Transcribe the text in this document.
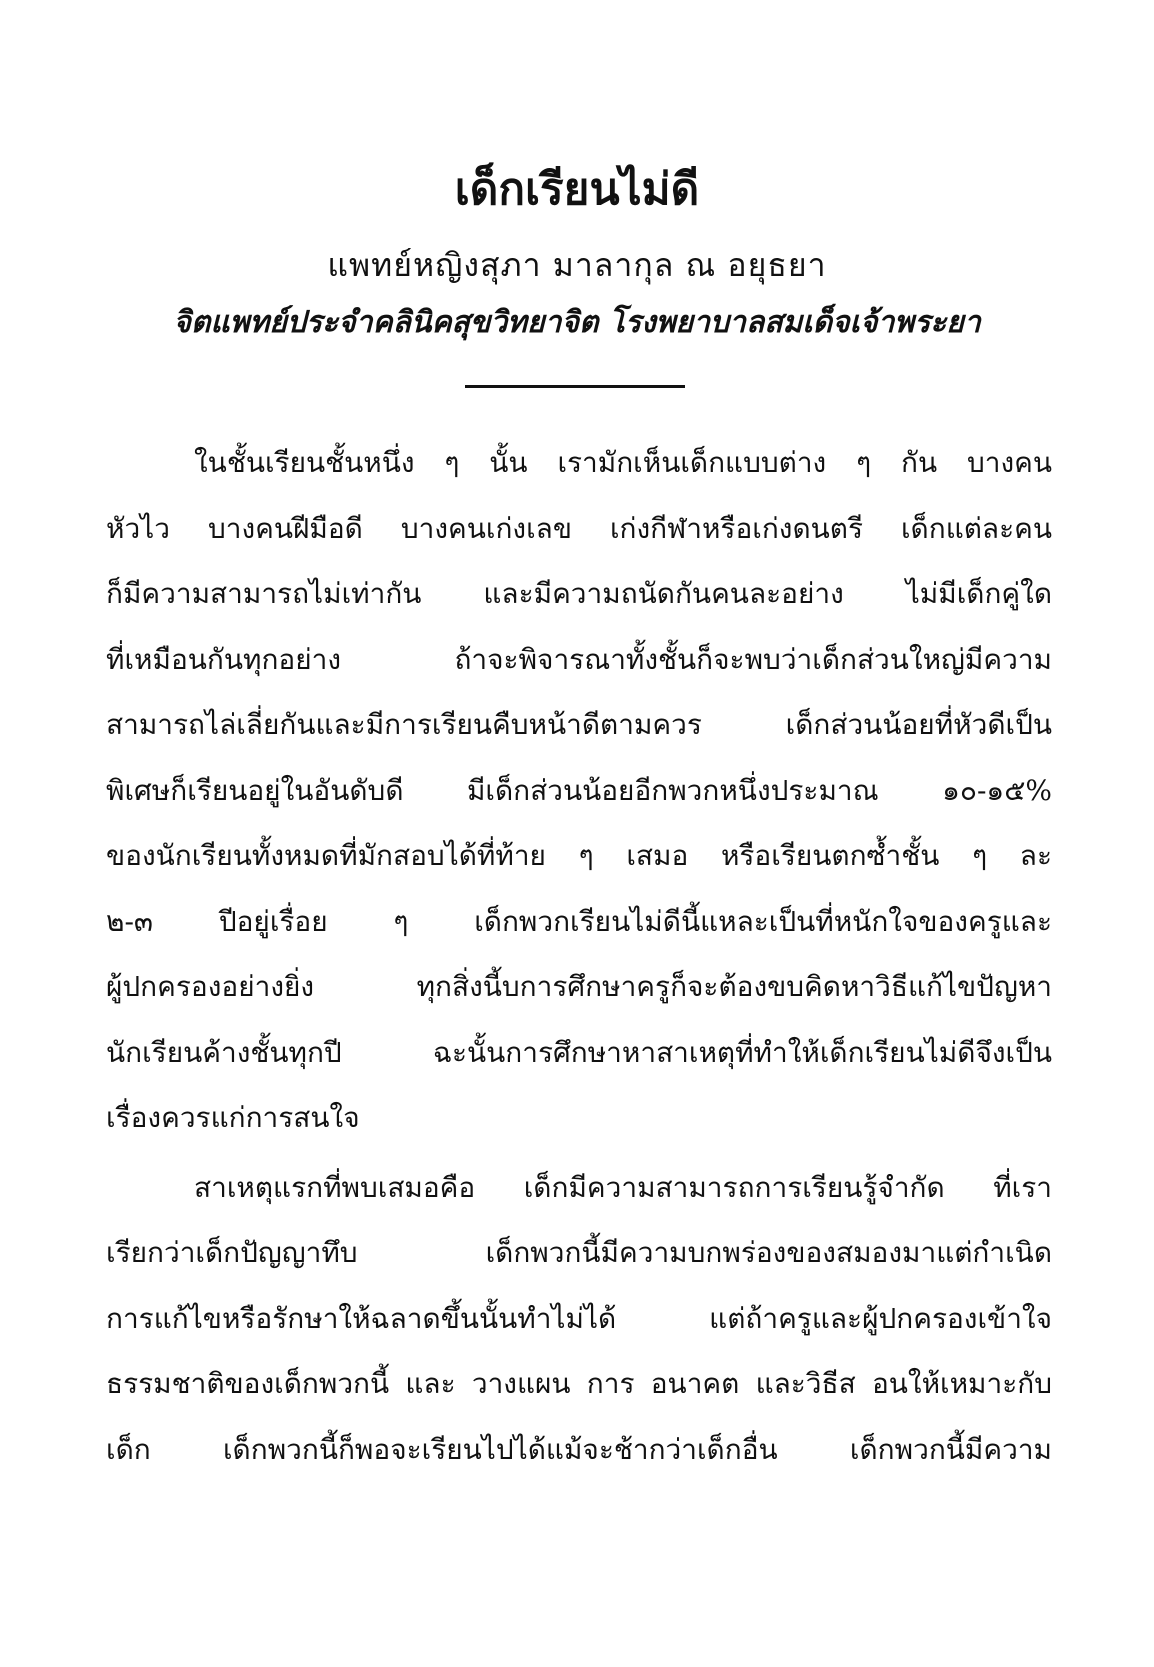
เด็กเรียนไม่ดี
แพทย์หญิงสุภา มาลากุล ณ อยุธยา
จิตแพทย์ประจำคลินิคสุขวิทยาจิต โรงพยาบาลสมเด็จเจ้าพระยา
ในชั้นเรียนชั้นหนึ่ง ๆ นั้น เรามักเห็นเด็กแบบต่าง ๆ กัน บางคน
หัวไว บางคนฝีมือดี บางคนเก่งเลข เก่งกีฬาหรือเก่งดนตรี เด็กแต่ละคน
ก็มีความสามารถไม่เท่ากัน และมีความถนัดกันคนละอย่าง ไม่มีเด็กคู่ใด
ที่เหมือนกันทุกอย่าง ถ้าจะพิจารณาทั้งชั้นก็จะพบว่าเด็กส่วนใหญ่มีความ
สามารถไล่เลี่ยกันและมีการเรียนคืบหน้าดีตามควร เด็กส่วนน้อยที่หัวดีเป็น
พิเศษก็เรียนอยู่ในอันดับดี มีเด็กส่วนน้อยอีกพวกหนึ่งประมาณ ๑๐-๑๕%
ของนักเรียนทั้งหมดที่มักสอบได้ที่ท้าย ๆ เสมอ หรือเรียนตกซ้ำชั้น ๆ ละ
๒-๓ ปีอยู่เรื่อย ๆ เด็กพวกเรียนไม่ดีนี้แหละเป็นที่หนักใจของครูและ
ผู้ปกครองอย่างยิ่ง ทุกสิ่งนี้บการศึกษาครูก็จะต้องขบคิดหาวิธีแก้ไขปัญหา
นักเรียนค้างชั้นทุกปี ฉะนั้นการศึกษาหาสาเหตุที่ทำให้เด็กเรียนไม่ดีจึงเป็น
เรื่องควรแก่การสนใจ
สาเหตุแรกที่พบเสมอคือ เด็กมีความสามารถการเรียนรู้จำกัด ที่เรา
เรียกว่าเด็กปัญญาทึบ เด็กพวกนี้มีความบกพร่องของสมองมาแต่กำเนิด
การแก้ไขหรือรักษาให้ฉลาดขึ้นนั้นทำไม่ได้ แต่ถ้าครูและผู้ปกครองเข้าใจ
ธรรมชาติของเด็กพวกนี้ และ วางแผน การ อนาคต และวิธีส อนให้เหมาะกับ
เด็ก เด็กพวกนี้ก็พอจะเรียนไปได้แม้จะช้ากว่าเด็กอื่น เด็กพวกนี้มีความ
